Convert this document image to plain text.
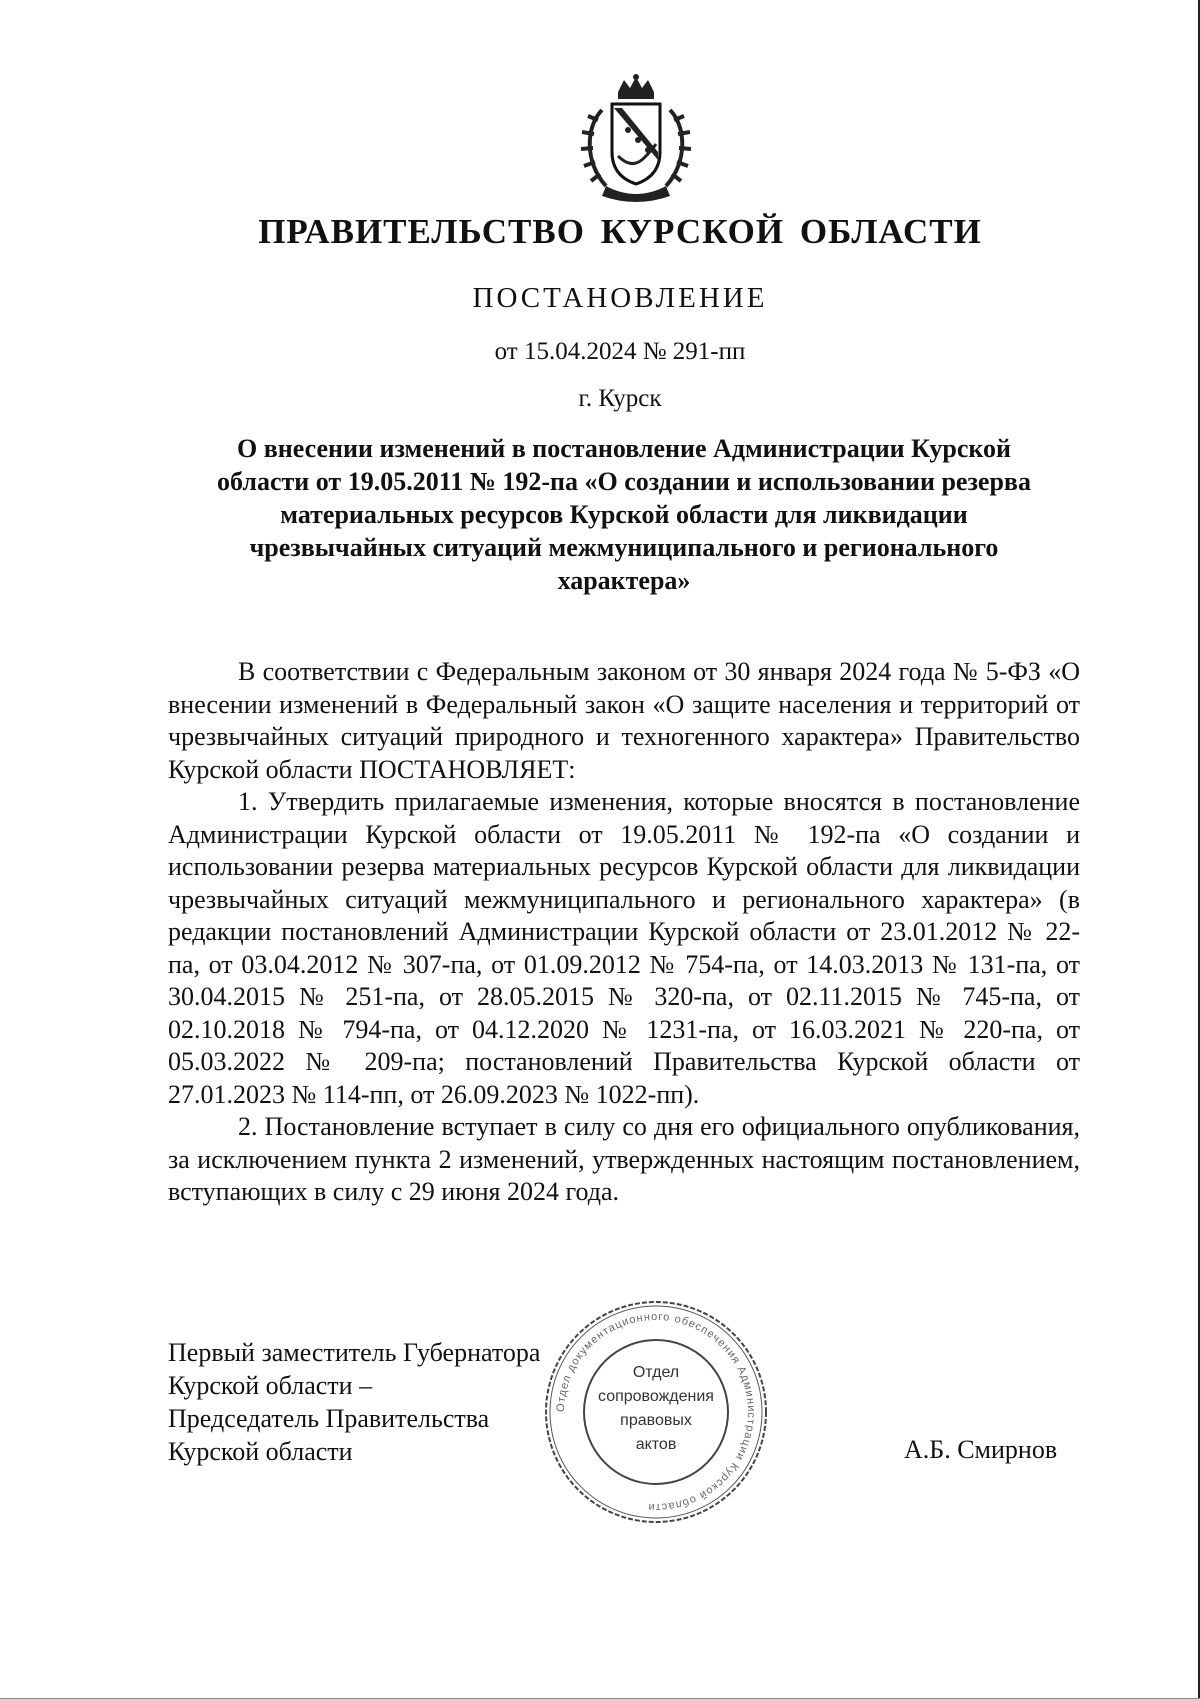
ПРАВИТЕЛЬСТВО КУРСКОЙ ОБЛАСТИ
ПОСТАНОВЛЕНИЕ
от 15.04.2024 № 291-пп
г. Курск
О внесении изменений в постановление Администрации Курской
области от 19.05.2011 № 192-па «О создании и использовании резерва
материальных ресурсов Курской области для ликвидации
чрезвычайных ситуаций межмуниципального и регионального
характера»

В соответствии с Федеральным законом от 30 января 2024 года № 5-ФЗ «О внесении изменений в Федеральный закон «О защите населения и территорий от чрезвычайных ситуаций природного и техногенного характера» Правительство Курской области ПОСТАНОВЛЯЕТ:

1. Утвердить прилагаемые изменения, которые вносятся в постановление Администрации Курской области от 19.05.2011 № 192-па «О создании и использовании резерва материальных ресурсов Курской области для ликвидации чрезвычайных ситуаций межмуниципального и регионального характера» (в редакции постановлений Администрации Курской области от 23.01.2012 № 22-па, от 03.04.2012 № 307-па, от 01.09.2012 № 754-па, от 14.03.2013 № 131-па, от 30.04.2015 № 251-па, от 28.05.2015 № 320-па, от 02.11.2015 № 745-па, от 02.10.2018 № 794-па, от 04.12.2020 № 1231-па, от 16.03.2021 № 220-па, от 05.03.2022 № 209-па; постановлений Правительства Курской области от 27.01.2023 № 114-пп, от 26.09.2023 № 1022-пп).

2. Постановление вступает в силу со дня его официального опубликования, за исключением пункта 2 изменений, утвержденных настоящим постановлением, вступающих в силу с 29 июня 2024 года.

Первый заместитель Губернатора
Курской области –
Председатель Правительства
Курской области
Отдел документационного обеспечения Администрации Курской области
Отдел
сопровождения
правовых
актов	А.Б. Смирнов
